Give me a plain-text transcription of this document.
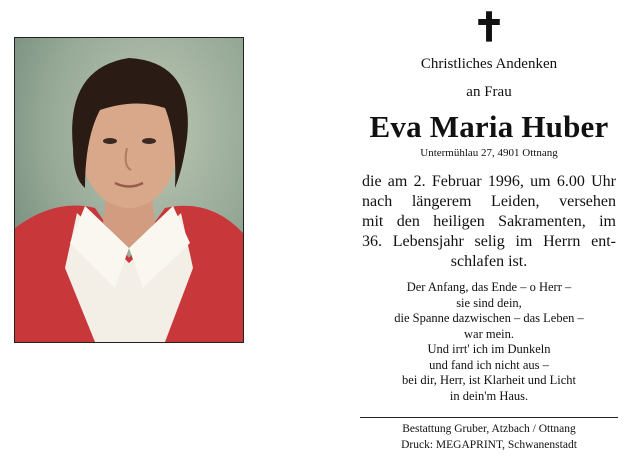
✝
Christliches Andenken
an Frau
Eva Maria Huber
Untermühlau 27, 4901 Ottnang
die am 2. Februar 1996, um 6.00 Uhr
nach längerem Leiden, versehen
mit den heiligen Sakramenten, im
36. Lebensjahr selig im Herrn ent-
schlafen ist.
Der Anfang, das Ende – o Herr –
sie sind dein,
die Spanne dazwischen – das Leben –
war mein.
Und irrt' ich im Dunkeln
und fand ich nicht aus –
bei dir, Herr, ist Klarheit und Licht
in dein'm Haus.
Bestattung Gruber, Atzbach / Ottnang
Druck: MEGAPRINT, Schwanenstadt
